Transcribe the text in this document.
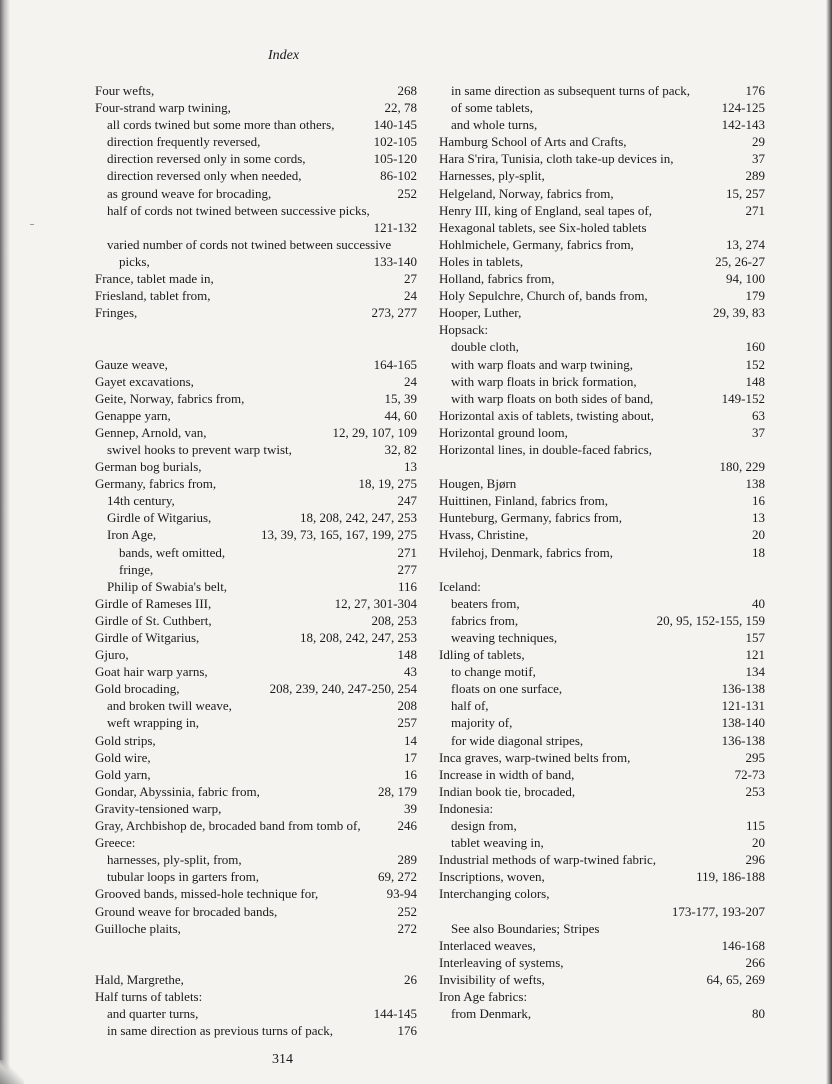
Index
Four wefts,	268
Four-strand warp twining,	22, 78
all cords twined but some more than others,	140-145
direction frequently reversed,	102-105
direction reversed only in some cords,	105-120
direction reversed only when needed,	86-102
as ground weave for brocading,	252
half of cords not twined between successive picks,
121-132
varied number of cords not twined between successive
picks,	133-140
France, tablet made in,	27
Friesland, tablet from,	24
Fringes,	273, 277
Gauze weave,	164-165
Gayet excavations,	24
Geite, Norway, fabrics from,	15, 39
Genappe yarn,	44, 60
Gennep, Arnold, van,	12, 29, 107, 109
swivel hooks to prevent warp twist,	32, 82
German bog burials,	13
Germany, fabrics from,	18, 19, 275
14th century,	247
Girdle of Witgarius,	18, 208, 242, 247, 253
Iron Age,	13, 39, 73, 165, 167, 199, 275
bands, weft omitted,	271
fringe,	277
Philip of Swabia's belt,	116
Girdle of Rameses III,	12, 27, 301-304
Girdle of St. Cuthbert,	208, 253
Girdle of Witgarius,	18, 208, 242, 247, 253
Gjuro,	148
Goat hair warp yarns,	43
Gold brocading,	208, 239, 240, 247-250, 254
and broken twill weave,	208
weft wrapping in,	257
Gold strips,	14
Gold wire,	17
Gold yarn,	16
Gondar, Abyssinia, fabric from,	28, 179
Gravity-tensioned warp,	39
Gray, Archbishop de, brocaded band from tomb of,	246
Greece:
harnesses, ply-split, from,	289
tubular loops in garters from,	69, 272
Grooved bands, missed-hole technique for,	93-94
Ground weave for brocaded bands,	252
Guilloche plaits,	272
Hald, Margrethe,	26
Half turns of tablets:
and quarter turns,	144-145
in same direction as previous turns of pack,	176
in same direction as subsequent turns of pack,	176
of some tablets,	124-125
and whole turns,	142-143
Hamburg School of Arts and Crafts,	29
Hara S'rira, Tunisia, cloth take-up devices in,	37
Harnesses, ply-split,	289
Helgeland, Norway, fabrics from,	15, 257
Henry III, king of England, seal tapes of,	271
Hexagonal tablets, see Six-holed tablets
Hohlmichele, Germany, fabrics from,	13, 274
Holes in tablets,	25, 26-27
Holland, fabrics from,	94, 100
Holy Sepulchre, Church of, bands from,	179
Hooper, Luther,	29, 39, 83
Hopsack:
double cloth,	160
with warp floats and warp twining,	152
with warp floats in brick formation,	148
with warp floats on both sides of band,	149-152
Horizontal axis of tablets, twisting about,	63
Horizontal ground loom,	37
Horizontal lines, in double-faced fabrics,
180, 229
Hougen, Bjørn	138
Huittinen, Finland, fabrics from,	16
Hunteburg, Germany, fabrics from,	13
Hvass, Christine,	20
Hvilehoj, Denmark, fabrics from,	18
Iceland:
beaters from,	40
fabrics from,	20, 95, 152-155, 159
weaving techniques,	157
Idling of tablets,	121
to change motif,	134
floats on one surface,	136-138
half of,	121-131
majority of,	138-140
for wide diagonal stripes,	136-138
Inca graves, warp-twined belts from,	295
Increase in width of band,	72-73
Indian book tie, brocaded,	253
Indonesia:
design from,	115
tablet weaving in,	20
Industrial methods of warp-twined fabric,	296
Inscriptions, woven,	119, 186-188
Interchanging colors,
173-177, 193-207
See also Boundaries; Stripes
Interlaced weaves,	146-168
Interleaving of systems,	266
Invisibility of wefts,	64, 65, 269
Iron Age fabrics:
from Denmark,	80
314
